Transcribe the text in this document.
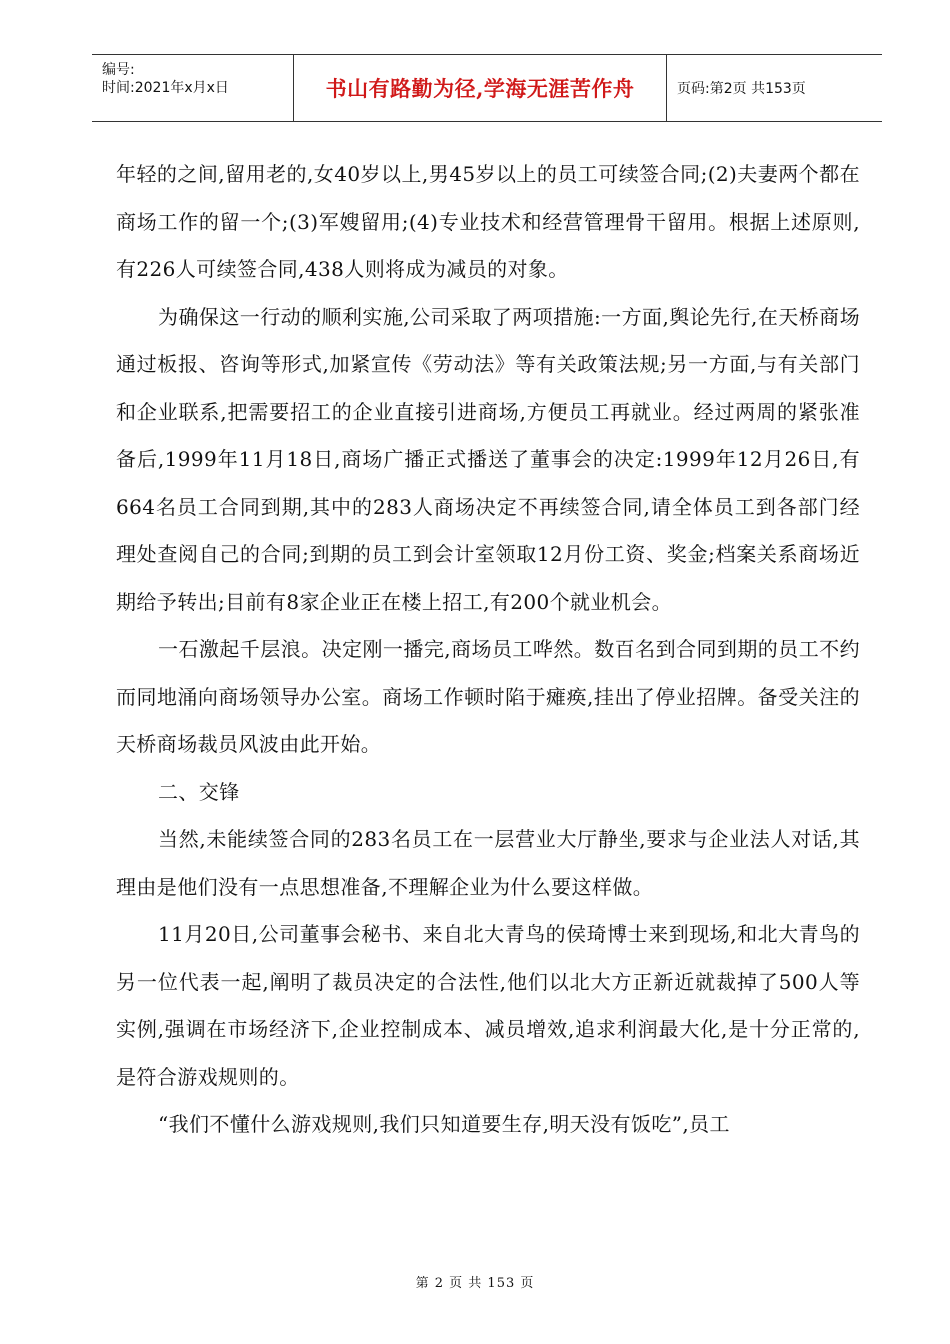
编号:
时间:2021年x月x日	书山有路勤为径,学海无涯苦作舟	页码:第2页 共153页

年轻的之间,留用老的,女40岁以上,男45岁以上的员工可续签合同;(2)夫妻两个都在商场工作的留一个;(3)军嫂留用;(4)专业技术和经营管理骨干留用。根据上述原则,有226人可续签合同,438人则将成为减员的对象。

为确保这一行动的顺利实施,公司采取了两项措施:一方面,舆论先行,在天桥商场通过板报、咨询等形式,加紧宣传《劳动法》等有关政策法规;另一方面,与有关部门和企业联系,把需要招工的企业直接引进商场,方便员工再就业。经过两周的紧张准备后,1999年11月18日,商场广播正式播送了董事会的决定:1999年12月26日,有664名员工合同到期,其中的283人商场决定不再续签合同,请全体员工到各部门经理处查阅自己的合同;到期的员工到会计室领取12月份工资、奖金;档案关系商场近期给予转出;目前有8家企业正在楼上招工,有200个就业机会。

一石激起千层浪。决定刚一播完,商场员工哗然。数百名到合同到期的员工不约而同地涌向商场领导办公室。商场工作顿时陷于瘫痪,挂出了停业招牌。备受关注的天桥商场裁员风波由此开始。

二、交锋

当然,未能续签合同的283名员工在一层营业大厅静坐,要求与企业法人对话,其理由是他们没有一点思想准备,不理解企业为什么要这样做。

11月20日,公司董事会秘书、来自北大青鸟的侯琦博士来到现场,和北大青鸟的另一位代表一起,阐明了裁员决定的合法性,他们以北大方正新近就裁掉了500人等实例,强调在市场经济下,企业控制成本、减员增效,追求利润最大化,是十分正常的,是符合游戏规则的。

“我们不懂什么游戏规则,我们只知道要生存,明天没有饭吃”,员工

第 2 页 共 153 页
